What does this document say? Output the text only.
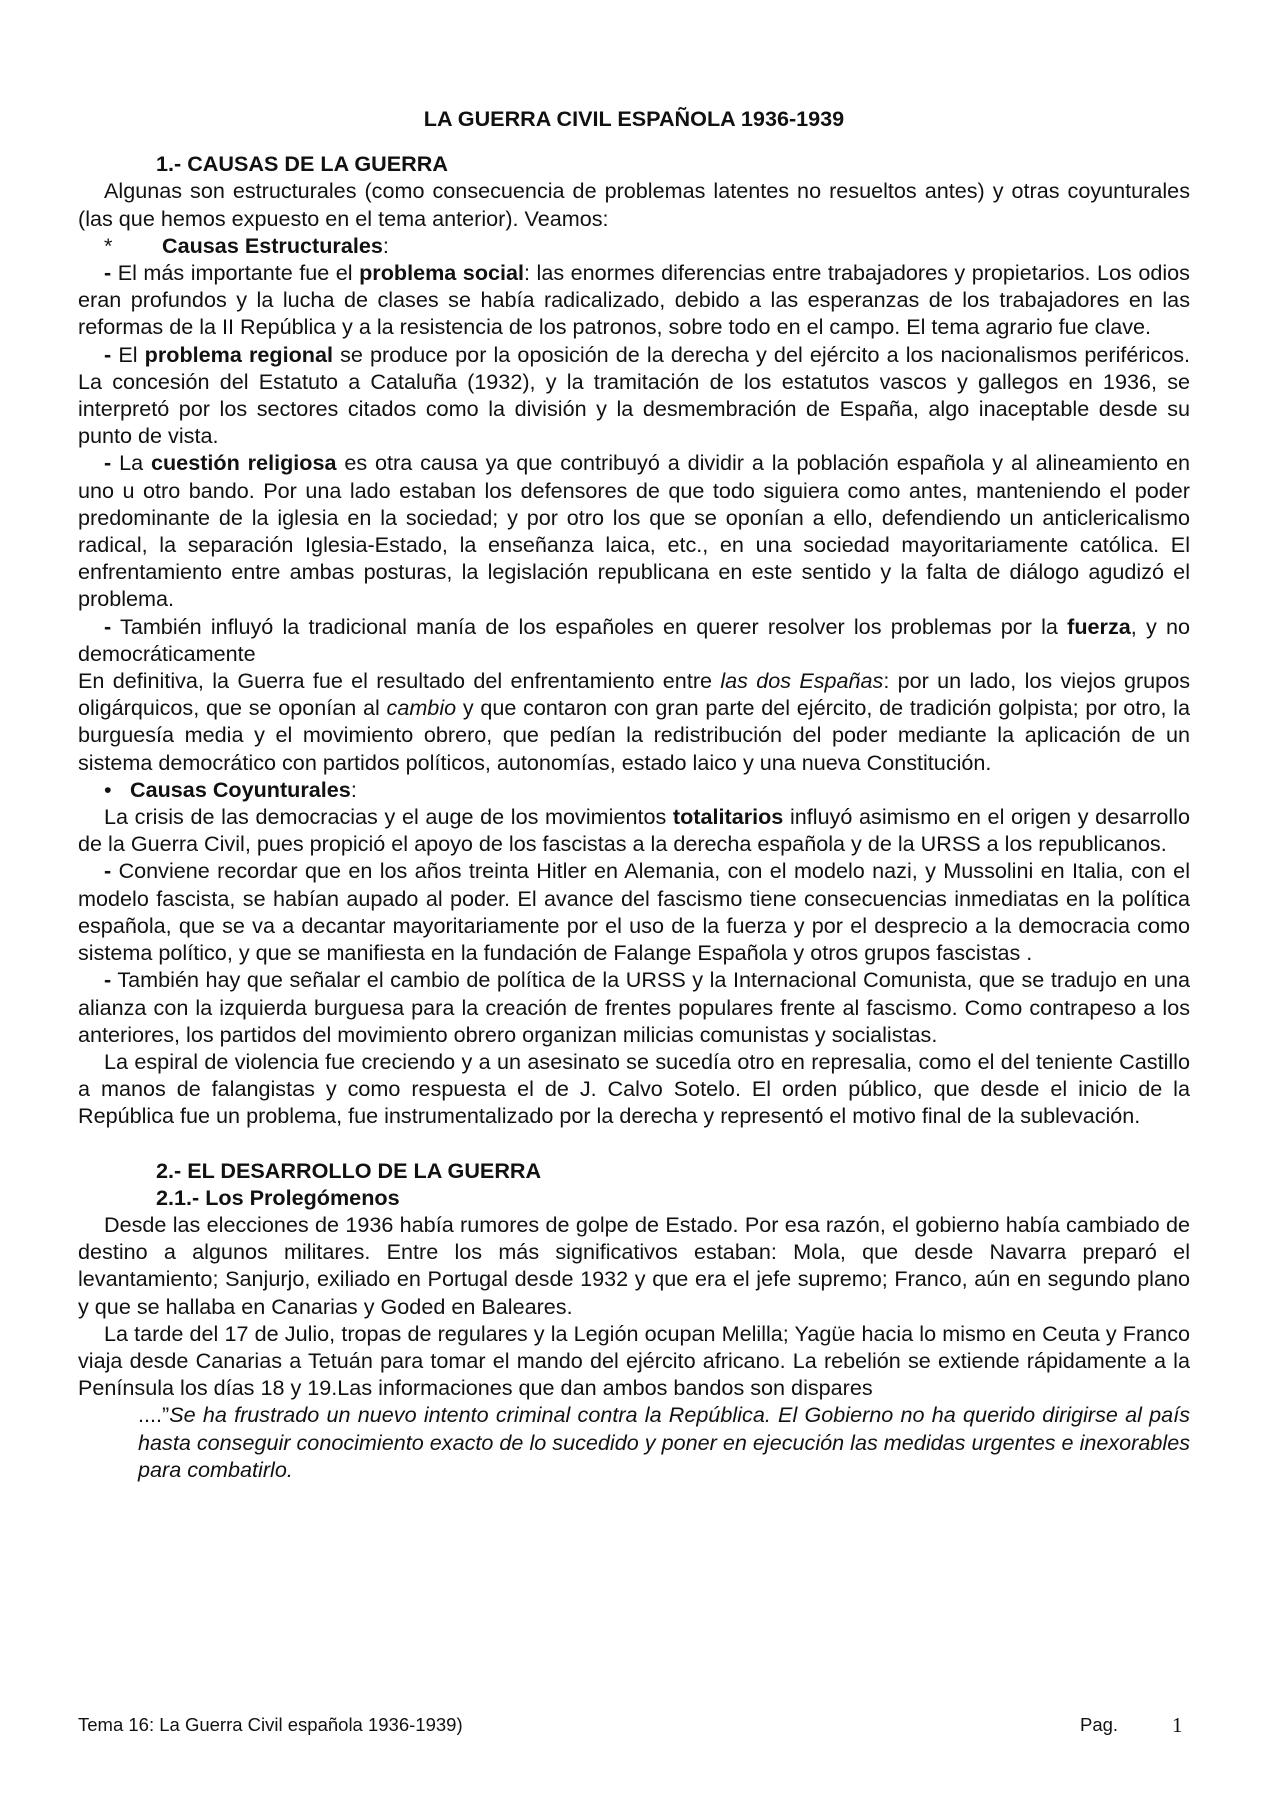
LA GUERRA CIVIL ESPAÑOLA 1936-1939
1.- CAUSAS DE LA GUERRA

Algunas son estructurales (como consecuencia de problemas latentes no resueltos antes) y otras coyunturales (las que hemos expuesto en el tema anterior). Veamos:

* Causas Estructurales:

- El más importante fue el problema social: las enormes diferencias entre trabajadores y propietarios. Los odios eran profundos y la lucha de clases se había radicalizado, debido a las esperanzas de los trabajadores en las reformas de la II República y a la resistencia de los patronos, sobre todo en el campo. El tema agrario fue clave.

- El problema regional se produce por la oposición de la derecha y del ejército a los nacionalismos periféricos. La concesión del Estatuto a Cataluña (1932), y la tramitación de los estatutos vascos y gallegos en 1936, se interpretó por los sectores citados como la división y la desmembración de España, algo inaceptable desde su punto de vista.

- La cuestión religiosa es otra causa ya que contribuyó a dividir a la población española y al alineamiento en uno u otro bando. Por una lado estaban los defensores de que todo siguiera como antes, manteniendo el poder predominante de la iglesia en la sociedad; y por otro los que se oponían a ello, defendiendo un anticlericalismo radical, la separación Iglesia-Estado, la enseñanza laica, etc., en una sociedad mayoritariamente católica. El enfrentamiento entre ambas posturas, la legislación republicana en este sentido y la falta de diálogo agudizó el problema.

- También influyó la tradicional manía de los españoles en querer resolver los problemas por la fuerza, y no democráticamente

En definitiva, la Guerra fue el resultado del enfrentamiento entre las dos Españas: por un lado, los viejos grupos oligárquicos, que se oponían al cambio y que contaron con gran parte del ejército, de tradición golpista; por otro, la burguesía media y el movimiento obrero, que pedían la redistribución del poder mediante la aplicación de un sistema democrático con partidos políticos, autonomías, estado laico y una nueva Constitución.

• Causas Coyunturales:

La crisis de las democracias y el auge de los movimientos totalitarios influyó asimismo en el origen y desarrollo de la Guerra Civil, pues propició el apoyo de los fascistas a la derecha española y de la URSS a los republicanos.

- Conviene recordar que en los años treinta Hitler en Alemania, con el modelo nazi, y Mussolini en Italia, con el modelo fascista, se habían aupado al poder. El avance del fascismo tiene consecuencias inmediatas en la política española, que se va a decantar mayoritariamente por el uso de la fuerza y por el desprecio a la democracia como sistema político, y que se manifiesta en la fundación de Falange Española y otros grupos fascistas .

- También hay que señalar el cambio de política de la URSS y la Internacional Comunista, que se tradujo en una alianza con la izquierda burguesa para la creación de frentes populares frente al fascismo. Como contrapeso a los anteriores, los partidos del movimiento obrero organizan milicias comunistas y socialistas.

La espiral de violencia fue creciendo y a un asesinato se sucedía otro en represalia, como el del teniente Castillo a manos de falangistas y como respuesta el de J. Calvo Sotelo. El orden público, que desde el inicio de la República fue un problema, fue instrumentalizado por la derecha y representó el motivo final de la sublevación.

2.- EL DESARROLLO DE LA GUERRA
2.1.- Los Prolegómenos

Desde las elecciones de 1936 había rumores de golpe de Estado. Por esa razón, el gobierno había cambiado de destino a algunos militares. Entre los más significativos estaban: Mola, que desde Navarra preparó el levantamiento; Sanjurjo, exiliado en Portugal desde 1932 y que era el jefe supremo; Franco, aún en segundo plano y que se hallaba en Canarias y Goded en Baleares.

La tarde del 17 de Julio, tropas de regulares y la Legión ocupan Melilla; Yagüe hacia lo mismo en Ceuta y Franco viaja desde Canarias a Tetuán para tomar el mando del ejército africano. La rebelión se extiende rápidamente a la Península los días 18 y 19.Las informaciones que dan ambos bandos son dispares

....”Se ha frustrado un nuevo intento criminal contra la República. El Gobierno no ha querido dirigirse al país hasta conseguir conocimiento exacto de lo sucedido y poner en ejecución las medidas urgentes e inexorables para combatirlo.

Tema 16: La Guerra Civil española 1936-1939)	Pag.	1
